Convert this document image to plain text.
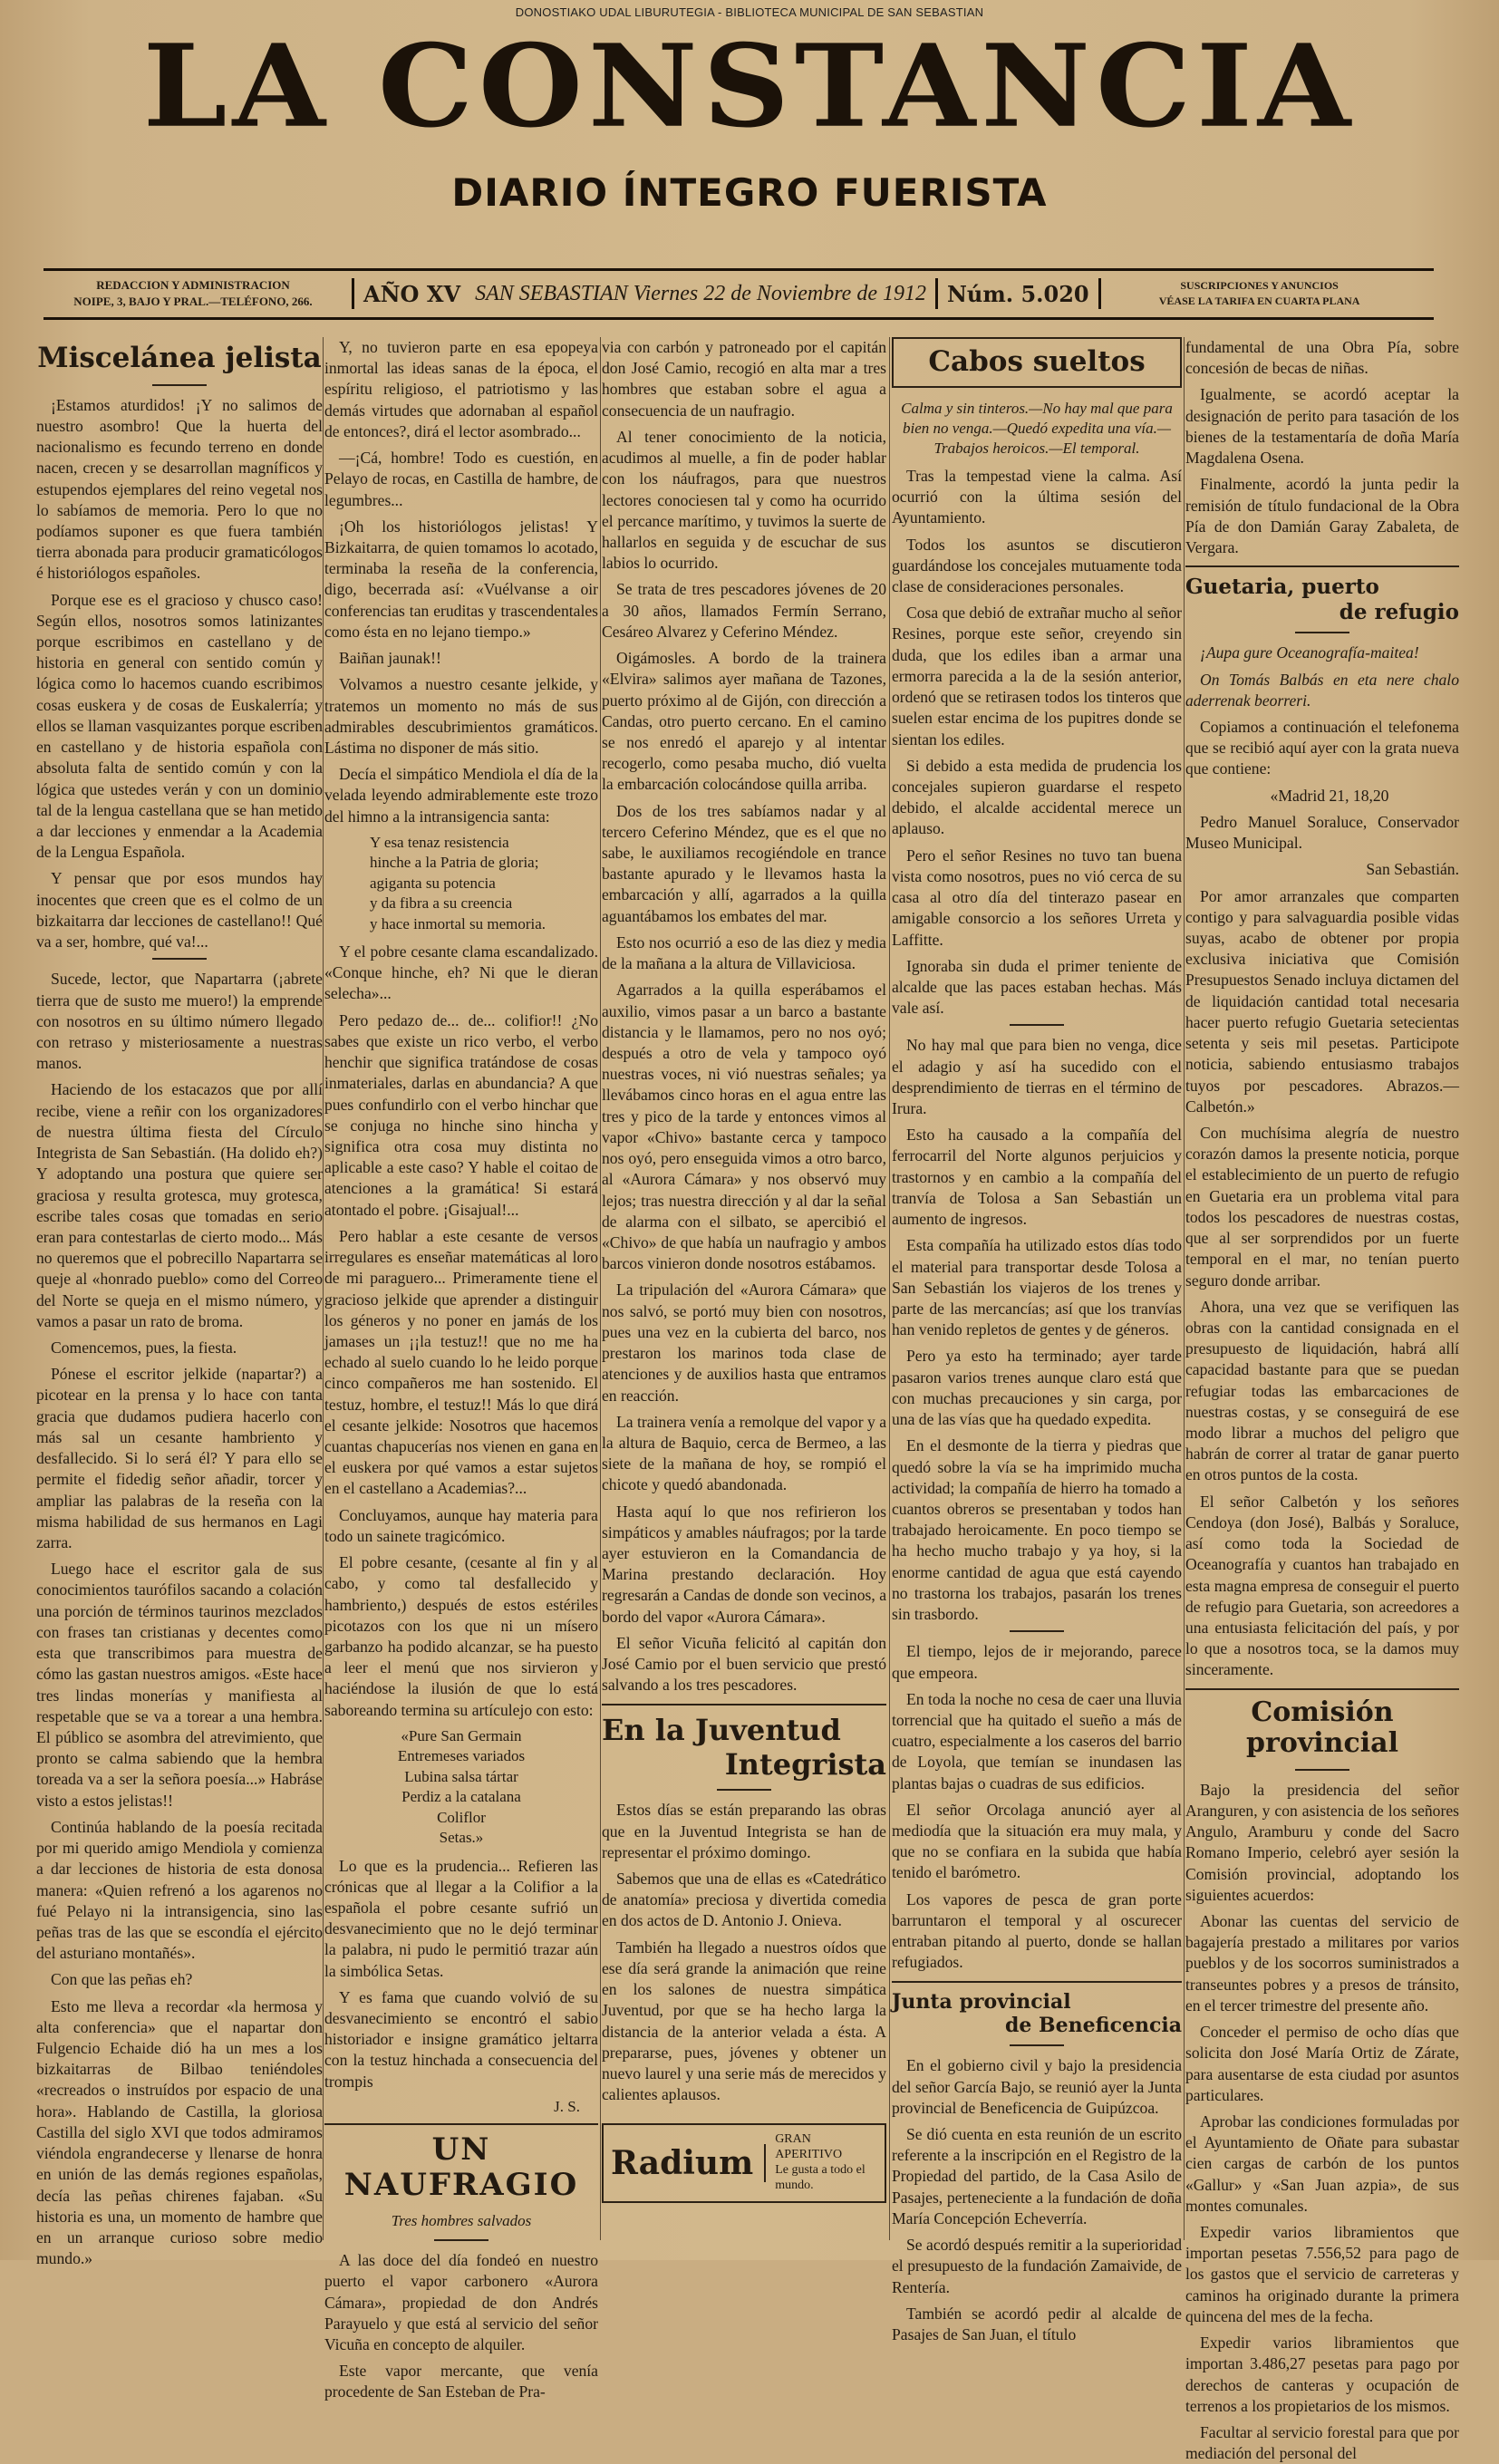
DONOSTIAKO UDAL LIBURUTEGIA - BIBLIOTECA MUNICIPAL DE SAN SEBASTIAN
LA CONSTANCIA
DIARIO ÍNTEGRO FUERISTA
REDACCION Y ADMINISTRACION
NOIPE, 3, BAJO Y PRAL.—TELÉFONO, 266.	AÑO XV SAN SEBASTIAN Viernes 22 de Noviembre de 1912 Núm. 5.020	SUSCRIPCIONES Y ANUNCIOS
VÉASE LA TARIFA EN CUARTA PLANA
Miscelánea jelista

¡Estamos aturdidos! ¡Y no salimos de nuestro asombro! Que la huerta del nacionalismo es fecundo terreno en donde nacen, crecen y se desarrollan magníficos y estupendos ejemplares del reino vegetal nos lo sabíamos de memoria. Pero lo que no podíamos suponer es que fuera también tierra abonada para producir gramaticólogos é historiólogos españoles.

Porque ese es el gracioso y chusco caso! Según ellos, nosotros somos latinizantes porque escribimos en castellano y de historia en general con sentido común y lógica como lo hacemos cuando escribimos cosas euskera y de cosas de Euskalerría; y ellos se llaman vasquizantes porque escriben en castellano y de historia española con absoluta falta de sentido común y con la lógica que ustedes verán y con un dominio tal de la lengua castellana que se han metido a dar lecciones y enmendar a la Academia de la Lengua Española.

Y pensar que por esos mundos hay inocentes que creen que es el colmo de un bizkaitarra dar lecciones de castellano!! Qué va a ser, hombre, qué va!...

Sucede, lector, que Napartarra (¡abrete tierra que de susto me muero!) la emprende con nosotros en su último número llegado con retraso y misteriosamente a nuestras manos.

Haciendo de los estacazos que por allí recibe, viene a reñir con los organizadores de nuestra última fiesta del Círculo Integrista de San Sebastián. (Ha dolido eh?) Y adoptando una postura que quiere ser graciosa y resulta grotesca, muy grotesca, escribe tales cosas que tomadas en serio eran para contestarlas de cierto modo... Más no queremos que el pobrecillo Napartarra se queje al «honrado pueblo» como del Correo del Norte se queja en el mismo número, y vamos a pasar un rato de broma.

Comencemos, pues, la fiesta.

Pónese el escritor jelkide (napartar?) a picotear en la prensa y lo hace con tanta gracia que dudamos pudiera hacerlo con más sal un cesante hambriento y desfallecido. Si lo será él? Y para ello se permite el fidedig señor añadir, torcer y ampliar las palabras de la reseña con la misma habilidad de sus hermanos en Lagi zarra.

Luego hace el escritor gala de sus conocimientos taurófilos sacando a colación una porción de términos taurinos mezclados con frases tan cristianas y decentes como esta que transcribimos para muestra de cómo las gastan nuestros amigos. «Este hace tres lindas monerías y manifiesta al respetable que se va a torear a una hembra. El público se asombra del atrevimiento, que pronto se calma sabiendo que la hembra toreada va a ser la señora poesía...» Habráse visto a estos jelistas!!

Continúa hablando de la poesía recitada por mi querido amigo Mendiola y comienza a dar lecciones de historia de esta donosa manera: «Quien refrenó a los agarenos no fué Pelayo ni la intransigencia, sino las peñas tras de las que se escondía el ejército del asturiano montañés».

Con que las peñas eh?

Esto me lleva a recordar «la hermosa y alta conferencia» que el napartar don Fulgencio Echaide dió ha un mes a los bizkaitarras de Bilbao teniéndoles «recreados o instruídos por espacio de una hora». Hablando de Castilla, la gloriosa Castilla del siglo XVI que todos admiramos viéndola engrandecerse y llenarse de honra en unión de las demás regiones españolas, decía las peñas chirenes fajaban. «Su historia es una, un momento de hambre que en un arranque curioso sobre medio mundo.»

Y, no tuvieron parte en esa epopeya inmortal las ideas sanas de la época, el espíritu religioso, el patriotismo y las demás virtudes que adornaban al español de entonces?, dirá el lector asombrado...

—¡Cá, hombre! Todo es cuestión, en Pelayo de rocas, en Castilla de hambre, de legumbres...

¡Oh los historiólogos jelistas! Y Bizkaitarra, de quien tomamos lo acotado, terminaba la reseña de la conferencia, digo, becerrada así: «Vuélvanse a oir conferencias tan eruditas y trascendentales como ésta en no lejano tiempo.»

Baiñan jaunak!!

Volvamos a nuestro cesante jelkide, y tratemos un momento no más de sus admirables descubrimientos gramáticos. Lástima no disponer de más sitio.

Decía el simpático Mendiola el día de la velada leyendo admirablemente este trozo del himno a la intransigencia santa:

Y esa tenaz resistencia
hinche a la Patria de gloria;
agiganta su potencia
y da fibra a su creencia
y hace inmortal su memoria.

Y el pobre cesante clama escandalizado. «Conque hinche, eh? Ni que le dieran selecha»...

Pero pedazo de... de... colifior!! ¿No sabes que existe un rico verbo, el verbo henchir que significa tratándose de cosas inmateriales, darlas en abundancia? A que pues confundirlo con el verbo hinchar que se conjuga no hinche sino hincha y significa otra cosa muy distinta no aplicable a este caso? Y hable el coitao de atenciones a la gramática! Si estará atontado el pobre. ¡Gisajual!...

Pero hablar a este cesante de versos irregulares es enseñar matemáticas al loro de mi paraguero... Primeramente tiene el gracioso jelkide que aprender a distinguir los géneros y no poner en jamás de los jamases un ¡¡la testuz!! que no me ha echado al suelo cuando lo he leido porque cinco compañeros me han sostenido. El testuz, hombre, el testuz!! Más lo que dirá el cesante jelkide: Nosotros que hacemos cuantas chapucerías nos vienen en gana en el euskera por qué vamos a estar sujetos en el castellano a Academias?...

Concluyamos, aunque hay materia para todo un sainete tragicómico.

El pobre cesante, (cesante al fin y al cabo, y como tal desfallecido y hambriento,) después de estos estériles picotazos con los que ni un mísero garbanzo ha podido alcanzar, se ha puesto a leer el menú que nos sirvieron y haciéndose la ilusión de que lo está saboreando termina su artículejo con esto:

«Pure San Germain
Entremeses variados
Lubina salsa tártar
Perdiz a la catalana
Coliflor
Setas.»

Lo que es la prudencia... Refieren las crónicas que al llegar a la Colifior a la española el pobre cesante sufrió un desvanecimiento que no le dejó terminar la palabra, ni pudo le permitió trazar aún la simbólica Setas.

Y es fama que cuando volvió de su desvanecimiento se encontró el sabio historiador e insigne gramático jeltarra con la testuz hinchada a consecuencia del trompis

J. S.
UN NAUFRAGIO
Tres hombres salvados

A las doce del día fondeó en nuestro puerto el vapor carbonero «Aurora Cámara», propiedad de don Andrés Parayuelo y que está al servicio del señor Vicuña en concepto de alquiler.

Este vapor mercante, que venía procedente de San Esteban de Pra-

via con carbón y patroneado por el capitán don José Camio, recogió en alta mar a tres hombres que estaban sobre el agua a consecuencia de un naufragio.

Al tener conocimiento de la noticia, acudimos al muelle, a fin de poder hablar con los náufragos, para que nuestros lectores conociesen tal y como ha ocurrido el percance marítimo, y tuvimos la suerte de hallarlos en seguida y de escuchar de sus labios lo ocurrido.

Se trata de tres pescadores jóvenes de 20 a 30 años, llamados Fermín Serrano, Cesáreo Alvarez y Ceferino Méndez.

Oigámosles. A bordo de la trainera «Elvira» salimos ayer mañana de Tazones, puerto próximo al de Gijón, con dirección a Candas, otro puerto cercano. En el camino se nos enredó el aparejo y al intentar recogerlo, como pesaba mucho, dió vuelta la embarcación colocándose quilla arriba.

Dos de los tres sabíamos nadar y al tercero Ceferino Méndez, que es el que no sabe, le auxiliamos recogiéndole en trance bastante apurado y le llevamos hasta la embarcación y allí, agarrados a la quilla aguantábamos los embates del mar.

Esto nos ocurrió a eso de las diez y media de la mañana a la altura de Villaviciosa.

Agarrados a la quilla esperábamos el auxilio, vimos pasar a un barco a bastante distancia y le llamamos, pero no nos oyó; después a otro de vela y tampoco oyó nuestras voces, ni vió nuestras señales; ya llevábamos cinco horas en el agua entre las tres y pico de la tarde y entonces vimos al vapor «Chivo» bastante cerca y tampoco nos oyó, pero enseguida vimos a otro barco, al «Aurora Cámara» y nos observó muy lejos; tras nuestra dirección y al dar la señal de alarma con el silbato, se apercibió el «Chivo» de que había un naufragio y ambos barcos vinieron donde nosotros estábamos.

La tripulación del «Aurora Cámara» que nos salvó, se portó muy bien con nosotros, pues una vez en la cubierta del barco, nos prestaron los marinos toda clase de atenciones y de auxilios hasta que entramos en reacción.

La trainera venía a remolque del vapor y a la altura de Baquio, cerca de Bermeo, a las siete de la mañana de hoy, se rompió el chicote y quedó abandonada.

Hasta aquí lo que nos refirieron los simpáticos y amables náufragos; por la tarde ayer estuvieron en la Comandancia de Marina prestando declaración. Hoy regresarán a Candas de donde son vecinos, a bordo del vapor «Aurora Cámara».

El señor Vicuña felicitó al capitán don José Camio por el buen servicio que prestó salvando a los tres pescadores.

En la Juventud
Integrista

Estos días se están preparando las obras que en la Juventud Integrista se han de representar el próximo domingo.

Sabemos que una de ellas es «Catedrático de anatomía» preciosa y divertida comedia en dos actos de D. Antonio J. Onieva.

También ha llegado a nuestros oídos que ese día será grande la animación que reine en los salones de nuestra simpática Juventud, por que se ha hecho larga la distancia de la anterior velada a ésta. A prepararse, pues, jóvenes y obtener un nuevo laurel y una serie más de merecidos y calientes aplausos.

Radium
GRAN APERITIVO
Le gusta a todo el
mundo.
Cabos sueltos
Calma y sin tinteros.—No hay mal que para bien no venga.—Quedó expedita una vía.—Trabajos heroicos.—El temporal.

Tras la tempestad viene la calma. Así ocurrió con la última sesión del Ayuntamiento.

Todos los asuntos se discutieron guardándose los concejales mutuamente toda clase de consideraciones personales.

Cosa que debió de extrañar mucho al señor Resines, porque este señor, creyendo sin duda, que los ediles iban a armar una ermorra parecida a la de la sesión anterior, ordenó que se retirasen todos los tinteros que suelen estar encima de los pupitres donde se sientan los ediles.

Si debido a esta medida de prudencia los concejales supieron guardarse el respeto debido, el alcalde accidental merece un aplauso.

Pero el señor Resines no tuvo tan buena vista como nosotros, pues no vió cerca de su casa al otro día del tinterazo pasear en amigable consorcio a los señores Urreta y Laffitte.

Ignoraba sin duda el primer teniente de alcalde que las paces estaban hechas. Más vale así.

No hay mal que para bien no venga, dice el adagio y así ha sucedido con el desprendimiento de tierras en el término de Irura.

Esto ha causado a la compañía del ferrocarril del Norte algunos perjuicios y trastornos y en cambio a la compañía del tranvía de Tolosa a San Sebastián un aumento de ingresos.

Esta compañía ha utilizado estos días todo el material para transportar desde Tolosa a San Sebastián los viajeros de los trenes y parte de las mercancías; así que los tranvías han venido repletos de gentes y de géneros.

Pero ya esto ha terminado; ayer tarde pasaron varios trenes aunque claro está que con muchas precauciones y sin carga, por una de las vías que ha quedado expedita.

En el desmonte de la tierra y piedras que quedó sobre la vía se ha imprimido mucha actividad; la compañía de hierro ha tomado a cuantos obreros se presentaban y todos han trabajado heroicamente. En poco tiempo se ha hecho mucho trabajo y ya hoy, si la enorme cantidad de agua que está cayendo no trastorna los trabajos, pasarán los trenes sin trasbordo.

El tiempo, lejos de ir mejorando, parece que empeora.

En toda la noche no cesa de caer una lluvia torrencial que ha quitado el sueño a más de cuatro, especialmente a los caseros del barrio de Loyola, que temían se inundasen las plantas bajas o cuadras de sus edificios.

El señor Orcolaga anunció ayer al mediodía que la situación era muy mala, y que no se confiara en la subida que había tenido el barómetro.

Los vapores de pesca de gran porte barruntaron el temporal y al oscurecer entraban pitando al puerto, donde se hallan refugiados.

Junta provincial
de Beneficencia

En el gobierno civil y bajo la presidencia del señor García Bajo, se reunió ayer la Junta provincial de Beneficencia de Guipúzcoa.

Se dió cuenta en esta reunión de un escrito referente a la inscripción en el Registro de la Propiedad del partido, de la Casa Asilo de Pasajes, perteneciente a la fundación de doña María Concepción Echeverría.

Se acordó después remitir a la superioridad el presupuesto de la fundación Zamaivide, de Rentería.

También se acordó pedir al alcalde de Pasajes de San Juan, el título

fundamental de una Obra Pía, sobre concesión de becas de niñas.

Igualmente, se acordó aceptar la designación de perito para tasación de los bienes de la testamentaría de doña María Magdalena Osena.

Finalmente, acordó la junta pedir la remisión de título fundacional de la Obra Pía de don Damián Garay Zabaleta, de Vergara.

Guetaria, puerto
de refugio

¡Aupa gure Oceanografía-maitea!

On Tomás Balbás en eta nere chalo aderrenak beorreri.

Copiamos a continuación el telefonema que se recibió aquí ayer con la grata nueva que contiene:

«Madrid 21, 18,20

Pedro Manuel Soraluce, Conservador Museo Municipal.

San Sebastián.

Por amor arranzales que comparten contigo y para salvaguardia posible vidas suyas, acabo de obtener por propia exclusiva iniciativa que Comisión Presupuestos Senado incluya dictamen del de liquidación cantidad total necesaria hacer puerto refugio Guetaria setecientas setenta y seis mil pesetas. Participote noticia, sabiendo entusiasmo trabajos tuyos por pescadores. Abrazos.—Calbetón.»

Con muchísima alegría de nuestro corazón damos la presente noticia, porque el establecimiento de un puerto de refugio en Guetaria era un problema vital para todos los pescadores de nuestras costas, que al ser sorprendidos por un fuerte temporal en el mar, no tenían puerto seguro donde arribar.

Ahora, una vez que se verifiquen las obras con la cantidad consignada en el presupuesto de liquidación, habrá allí capacidad bastante para que se puedan refugiar todas las embarcaciones de nuestras costas, y se conseguirá de ese modo librar a muchos del peligro que habrán de correr al tratar de ganar puerto en otros puntos de la costa.

El señor Calbetón y los señores Cendoya (don José), Balbás y Soraluce, así como toda la Sociedad de Oceanografía y cuantos han trabajado en esta magna empresa de conseguir el puerto de refugio para Guetaria, son acreedores a una entusiasta felicitación del país, y por lo que a nosotros toca, se la damos muy sinceramente.

Comisión provincial

Bajo la presidencia del señor Aranguren, y con asistencia de los señores Angulo, Aramburu y conde del Sacro Romano Imperio, celebró ayer sesión la Comisión provincial, adoptando los siguientes acuerdos:

Abonar las cuentas del servicio de bagajería prestado a militares por varios pueblos y de los socorros suministrados a transeuntes pobres y a presos de tránsito, en el tercer trimestre del presente año.

Conceder el permiso de ocho días que solicita don José María Ortiz de Zárate, para ausentarse de esta ciudad por asuntos particulares.

Aprobar las condiciones formuladas por el Ayuntamiento de Oñate para subastar cien cargas de carbón de los puntos «Gallur» y «San Juan azpia», de sus montes comunales.

Expedir varios libramientos que importan pesetas 7.556,52 para pago de los gastos que el servicio de carreteras y caminos ha originado durante la primera quincena del mes de la fecha.

Expedir varios libramientos que importan 3.486,27 pesetas para pago por derechos de canteras y ocupación de terrenos a los propietarios de los mismos.

Facultar al servicio forestal para que por mediación del personal del
